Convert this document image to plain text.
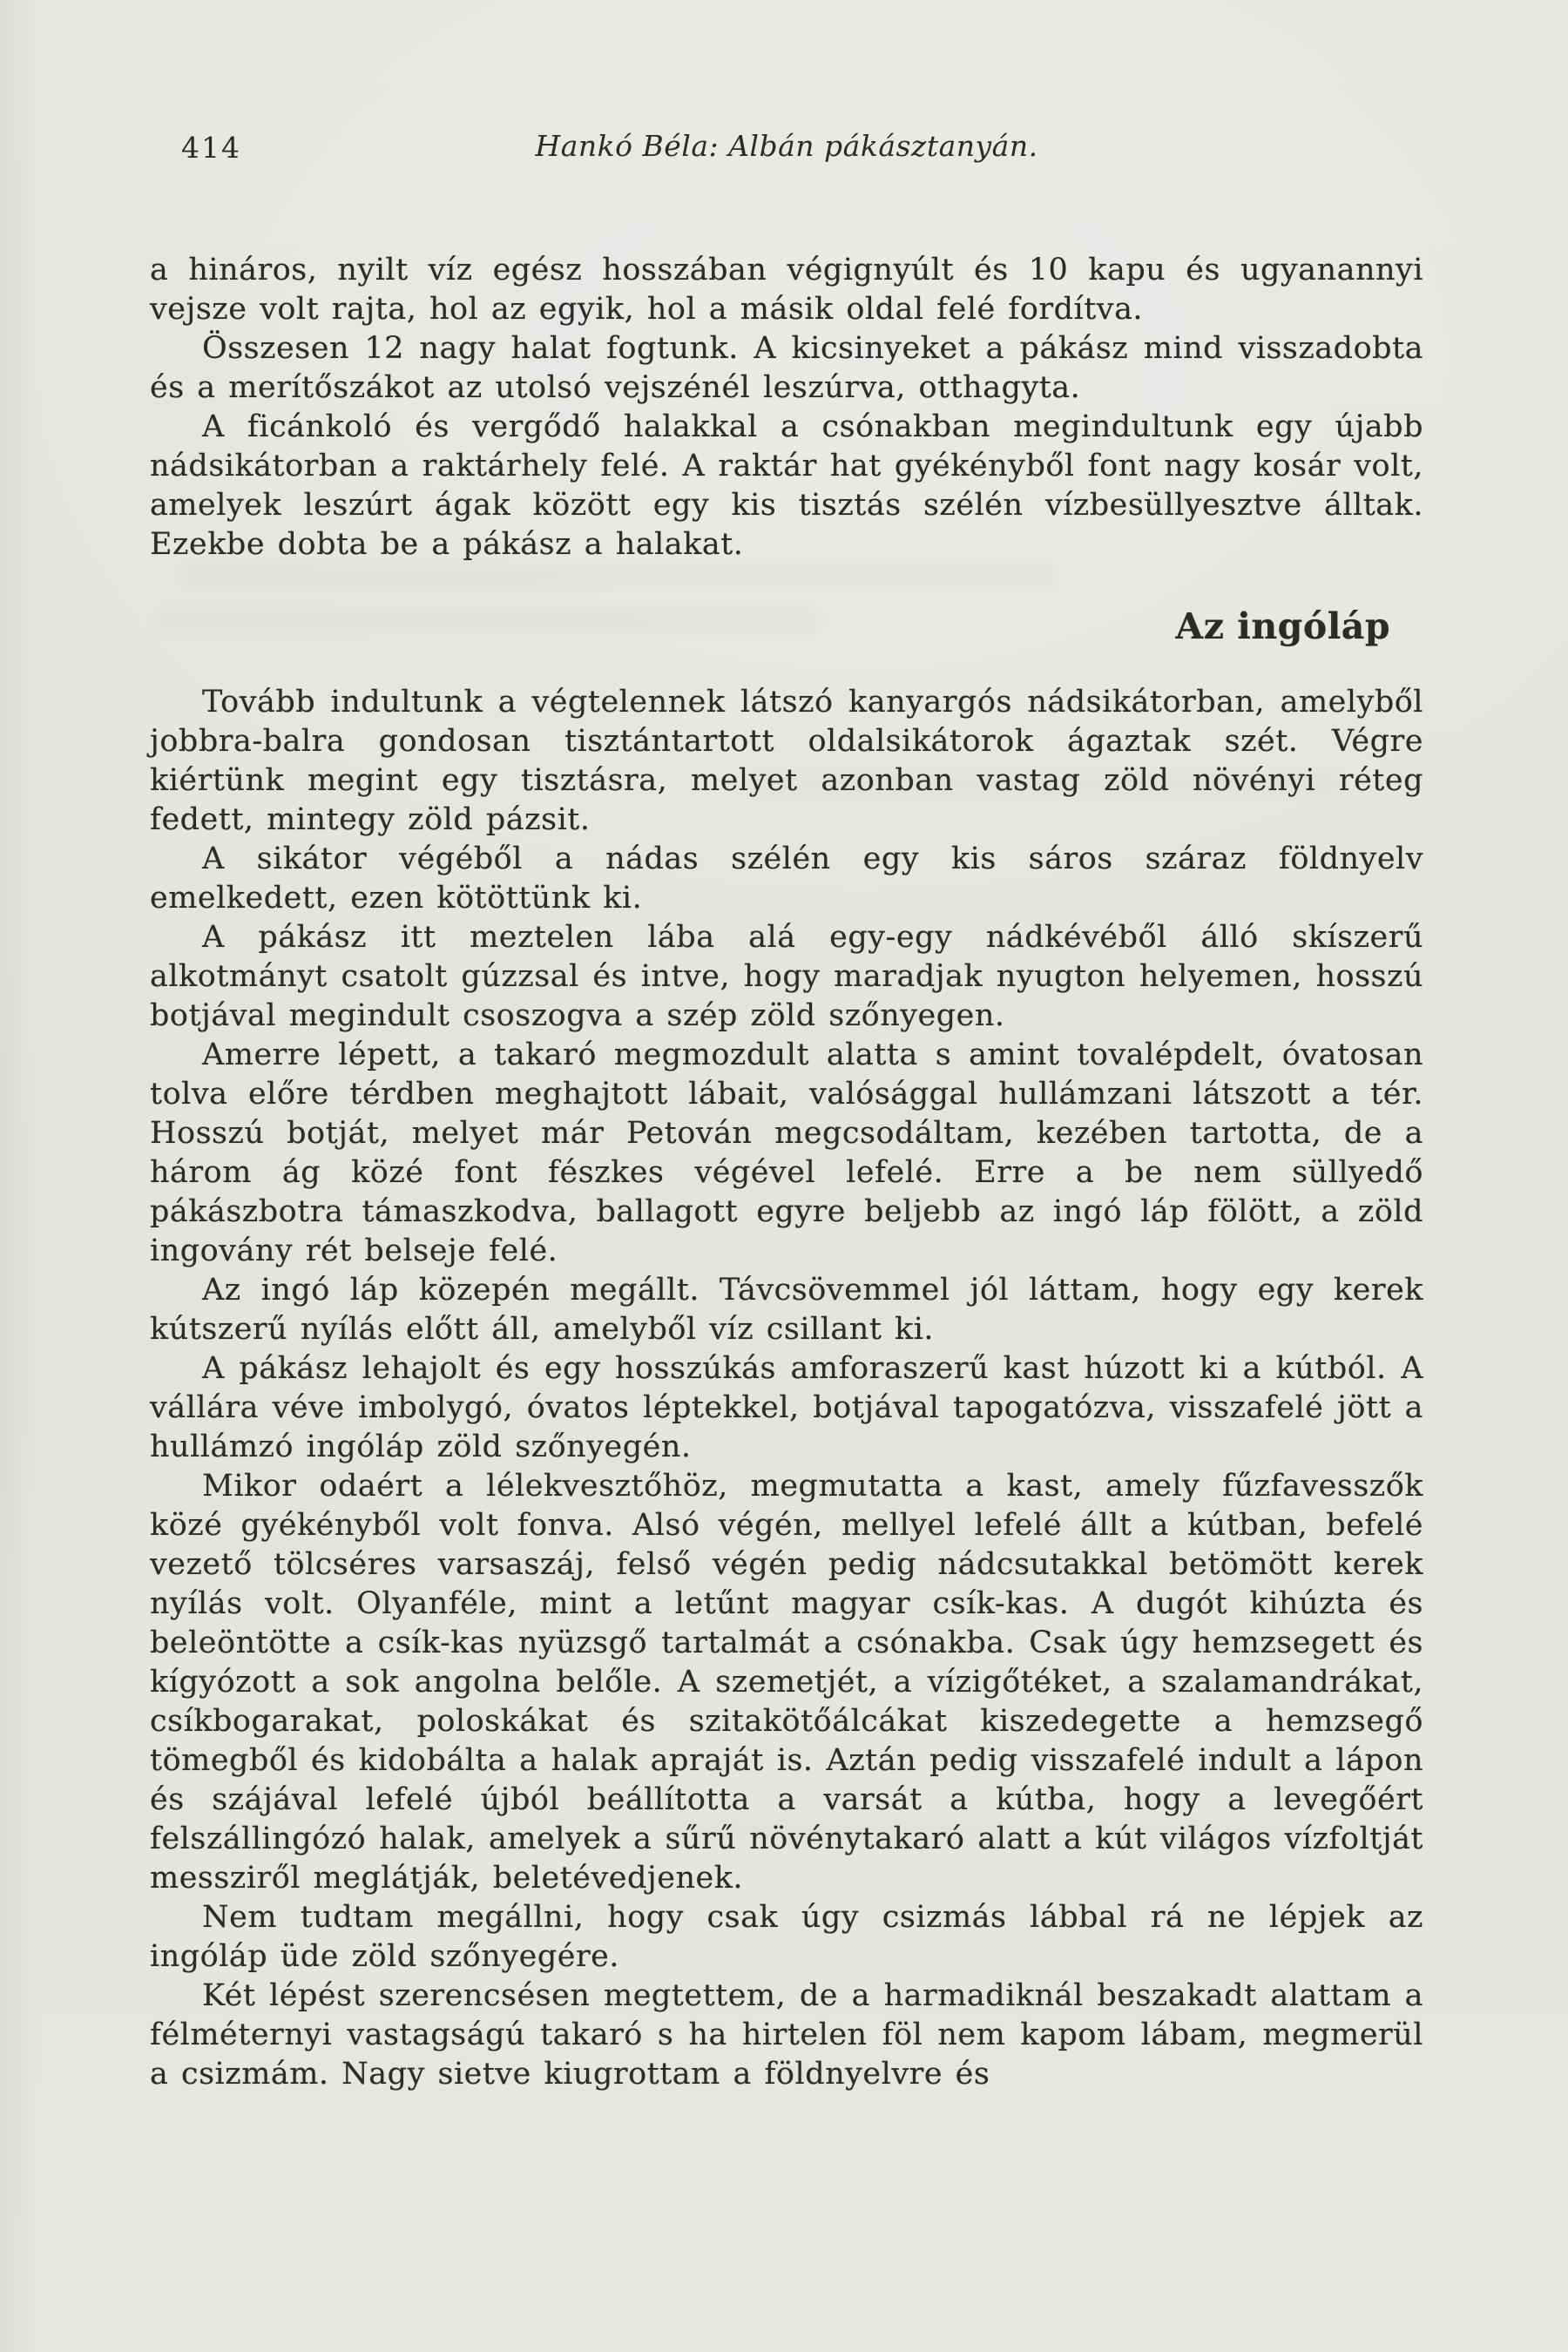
414	Hankó Béla: Albán pákásztanyán.

a hináros, nyilt víz egész hosszában végignyúlt és 10 kapu és ugyanannyi vejsze volt rajta, hol az egyik, hol a másik oldal felé fordítva.

Összesen 12 nagy halat fogtunk. A kicsinyeket a pákász mind visszadobta és a merítőszákot az utolsó vejszénél leszúrva, otthagyta.

A ficánkoló és vergődő halakkal a csónakban megindultunk egy újabb nádsikátorban a raktárhely felé. A raktár hat gyékényből font nagy kosár volt, amelyek leszúrt ágak között egy kis tisztás szélén vízbesüllyesztve álltak. Ezekbe dobta be a pákász a halakat.

Az ingóláp

Tovább indultunk a végtelennek látszó kanyargós nádsikátorban, amelyből jobbra-balra gondosan tisztántartott oldalsikátorok ágaztak szét. Végre kiértünk megint egy tisztásra, melyet azonban vastag zöld növényi réteg fedett, mintegy zöld pázsit.

A sikátor végéből a nádas szélén egy kis sáros száraz földnyelv emelkedett, ezen kötöttünk ki.

A pákász itt meztelen lába alá egy-egy nádkévéből álló skíszerű alkotmányt csatolt gúzzsal és intve, hogy maradjak nyugton helyemen, hosszú botjával megindult csoszogva a szép zöld szőnyegen.

Amerre lépett, a takaró megmozdult alatta s amint tovalépdelt, óvatosan tolva előre térdben meghajtott lábait, valósággal hullámzani látszott a tér. Hosszú botját, melyet már Petován megcsodáltam, kezében tartotta, de a három ág közé font fészkes végével lefelé. Erre a be nem süllyedő pákászbotra támaszkodva, ballagott egyre beljebb az ingó láp fölött, a zöld ingovány rét belseje felé.

Az ingó láp közepén megállt. Távcsövemmel jól láttam, hogy egy kerek kútszerű nyílás előtt áll, amelyből víz csillant ki.

A pákász lehajolt és egy hosszúkás amforaszerű kast húzott ki a kútból. A vállára véve imbolygó, óvatos léptekkel, botjával tapogatózva, visszafelé jött a hullámzó ingóláp zöld szőnyegén.

Mikor odaért a lélekvesztőhöz, megmutatta a kast, amely fűzfavesszők közé gyékényből volt fonva. Alsó végén, mellyel lefelé állt a kútban, befelé vezető tölcséres varsaszáj, felső végén pedig nádcsutakkal betömött kerek nyílás volt. Olyanféle, mint a letűnt magyar csík-kas. A dugót kihúzta és beleöntötte a csík-kas nyüzsgő tartalmát a csónakba. Csak úgy hemzsegett és kígyózott a sok angolna belőle. A szemetjét, a vízigőtéket, a szalamandrákat, csíkbogarakat, poloskákat és szitakötőálcákat kiszedegette a hemzsegő tömegből és kidobálta a halak apraját is. Aztán pedig visszafelé indult a lápon és szájával lefelé újból beállította a varsát a kútba, hogy a levegőért felszállingózó halak, amelyek a sűrű növénytakaró alatt a kút világos vízfoltját messziről meglátják, beletévedjenek.

Nem tudtam megállni, hogy csak úgy csizmás lábbal rá ne lépjek az ingóláp üde zöld szőnyegére.

Két lépést szerencsésen megtettem, de a harmadiknál beszakadt alattam a félméternyi vastagságú takaró s ha hirtelen föl nem kapom lábam, megmerül a csizmám. Nagy sietve kiugrottam a földnyelvre és
